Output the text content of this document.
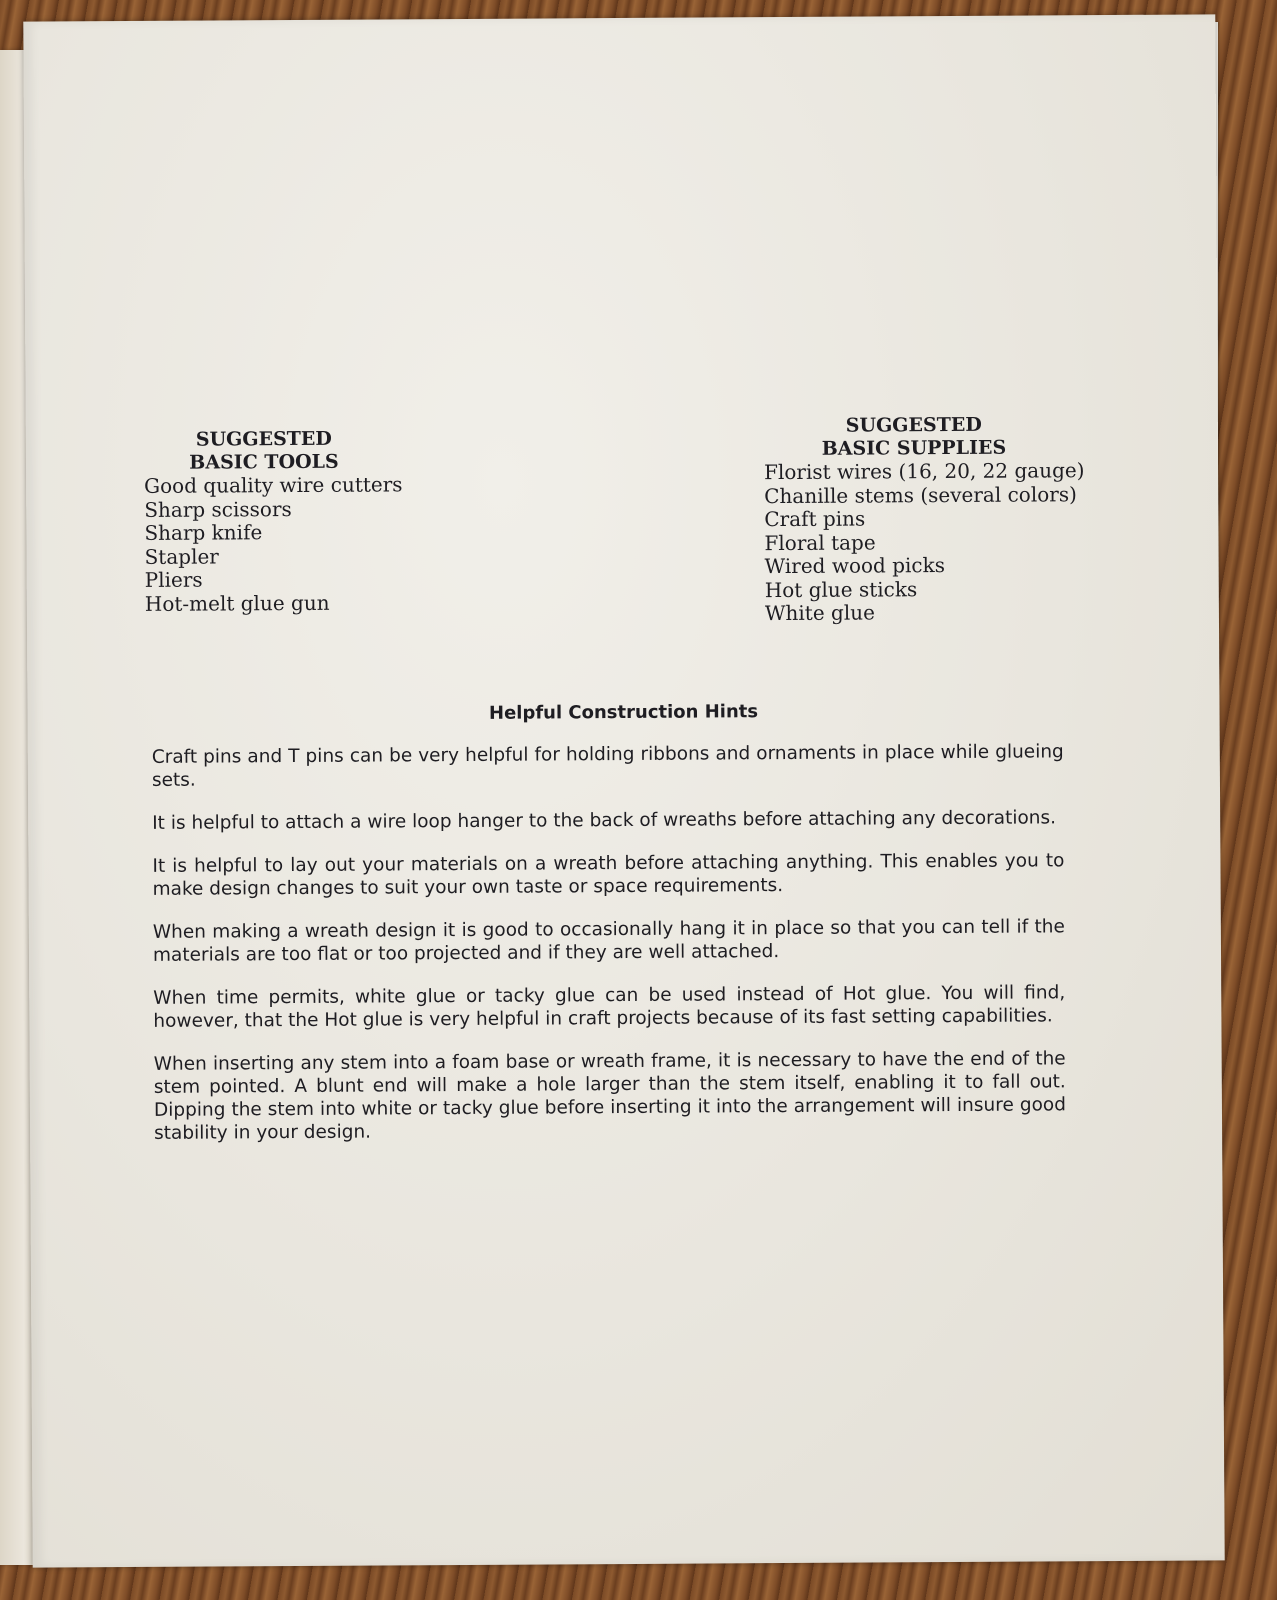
SUGGESTED
BASIC TOOLS
Good quality wire cutters
Sharp scissors
Sharp knife
Stapler
Pliers
Hot-melt glue gun
SUGGESTED
BASIC SUPPLIES
Florist wires (16, 20, 22 gauge)
Chanille stems (several colors)
Craft pins
Floral tape
Wired wood picks
Hot glue sticks
White glue
Helpful Construction Hints

Craft pins and T pins can be very helpful for holding ribbons and ornaments in place while glueing sets.

It is helpful to attach a wire loop hanger to the back of wreaths before attaching any decorations.

It is helpful to lay out your materials on a wreath before attaching anything. This enables you to make design changes to suit your own taste or space requirements.

When making a wreath design it is good to occasionally hang it in place so that you can tell if the materials are too flat or too projected and if they are well attached.

When time permits, white glue or tacky glue can be used instead of Hot glue. You will find, however, that the Hot glue is very helpful in craft projects because of its fast setting capabilities.

When inserting any stem into a foam base or wreath frame, it is necessary to have the end of the stem pointed. A blunt end will make a hole larger than the stem itself, enabling it to fall out. Dipping the stem into white or tacky glue before inserting it into the arrangement will insure good stability in your design.
